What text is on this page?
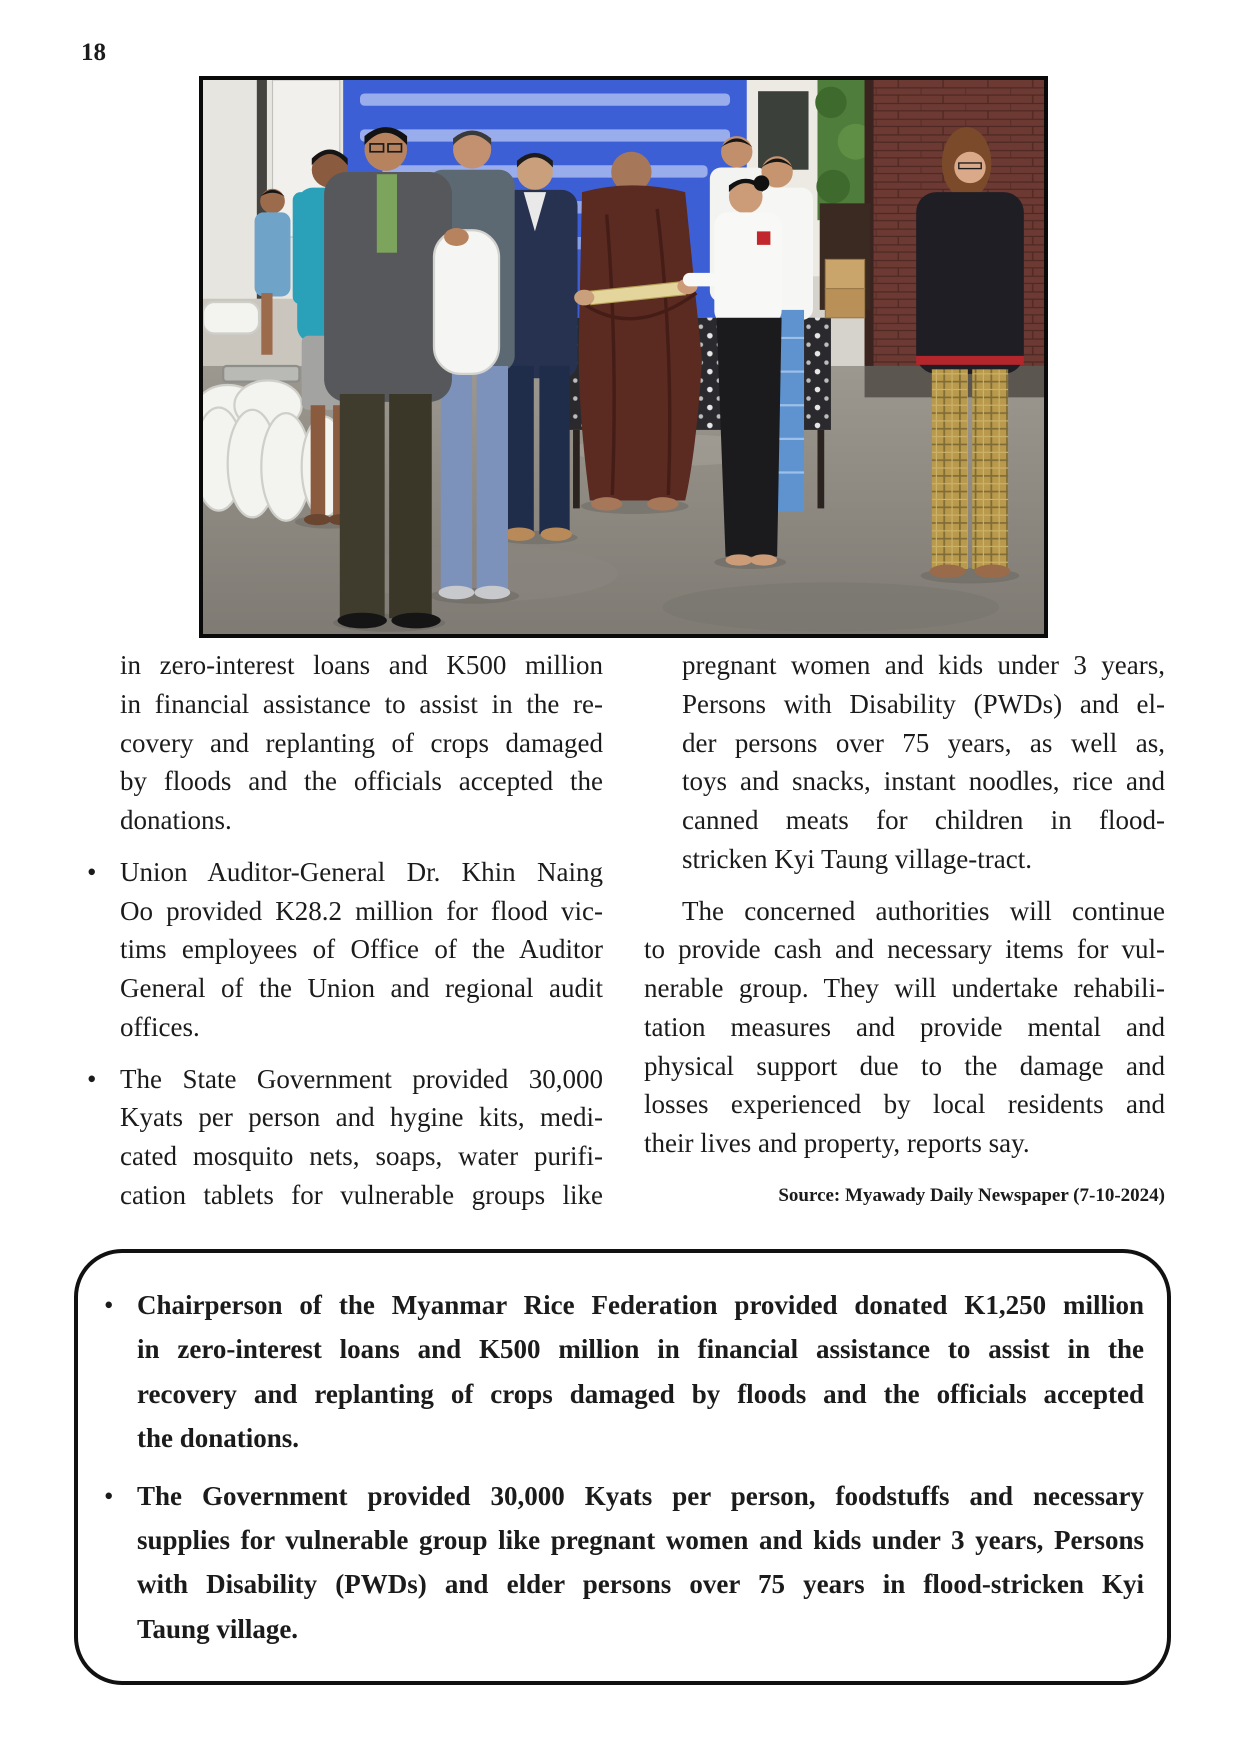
18
in zero-interest loans and K500 million
in financial assistance to assist in the re-
covery and replanting of crops damaged
by floods and the officials accepted the
donations.
• Union Auditor-General Dr. Khin Naing
Oo provided K28.2 million for flood vic-
tims employees of Office of the Auditor
General of the Union and regional audit
offices.
• The State Government provided 30,000
Kyats per person and hygine kits, medi-
cated mosquito nets, soaps, water purifi-
cation tablets for vulnerable groups like
pregnant women and kids under 3 years,
Persons with Disability (PWDs) and el-
der persons over 75 years, as well as,
toys and snacks, instant noodles, rice and
canned meats for children in flood-
stricken Kyi Taung village-tract.
The concerned authorities will continue
to provide cash and necessary items for vul-
nerable group. They will undertake rehabili-
tation measures and provide mental and
physical support due to the damage and
losses experienced by local residents and
their lives and property, reports say.
Source: Myawady Daily Newspaper (7-10-2024)
• Chairperson of the Myanmar Rice Federation provided donated K1,250 million
in zero-interest loans and K500 million in financial assistance to assist in the
recovery and replanting of crops damaged by floods and the officials accepted
the donations.
• The Government provided 30,000 Kyats per person, foodstuffs and necessary
supplies for vulnerable group like pregnant women and kids under 3 years, Persons
with Disability (PWDs) and elder persons over 75 years in flood-stricken Kyi
Taung village.
